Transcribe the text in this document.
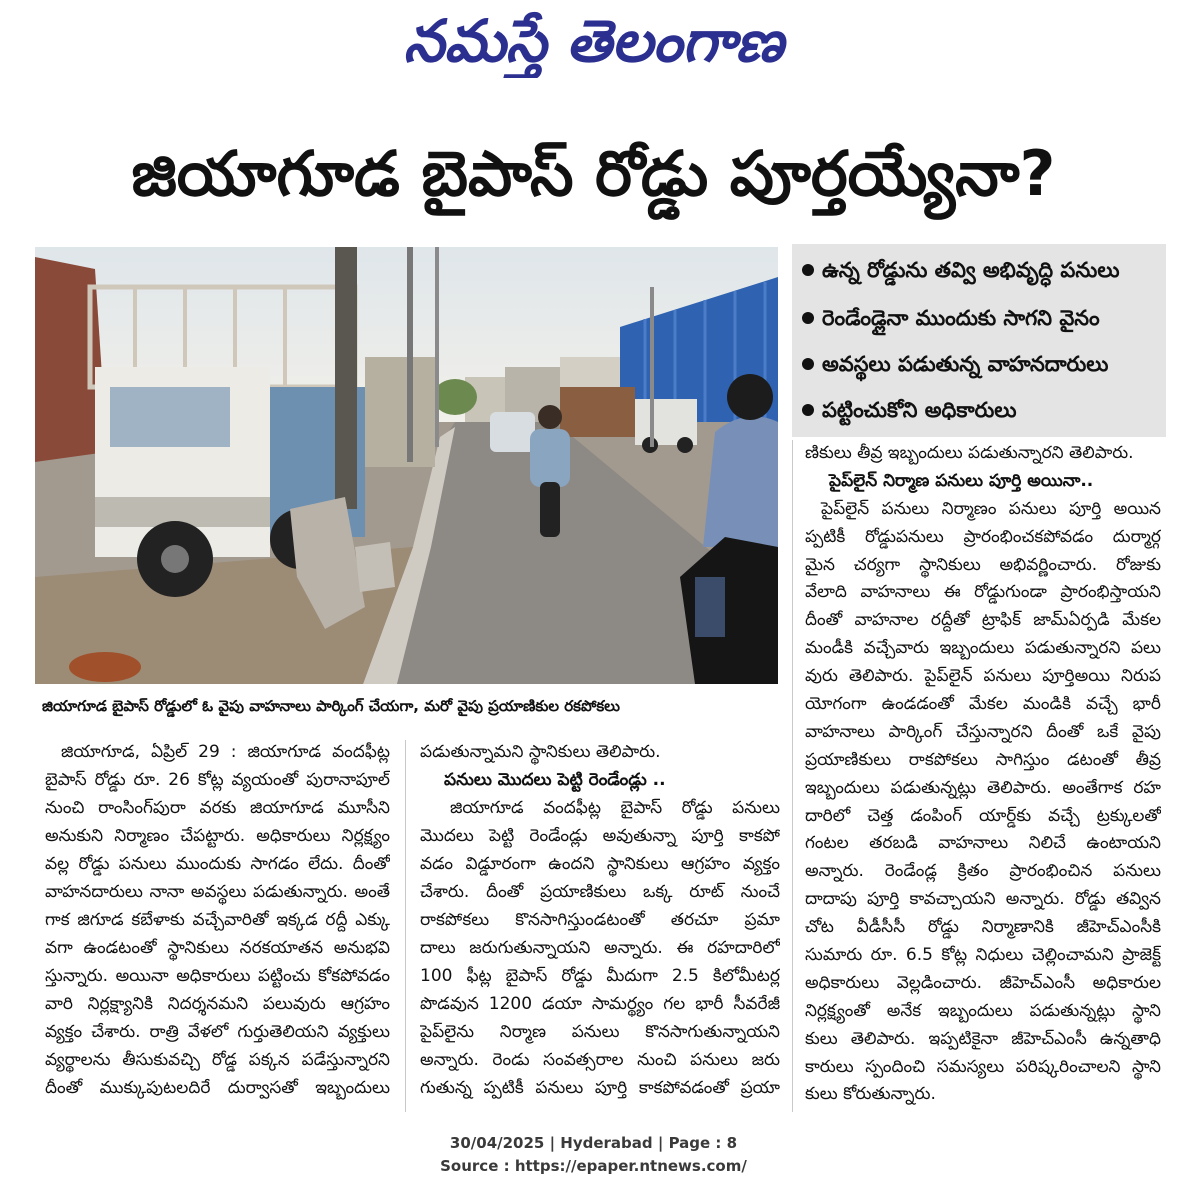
నమస్తే తెలంగాణ
జియాగూడ బైపాస్ రోడ్డు పూర్తయ్యేనా?
ఉన్న రోడ్డును తవ్వి అభివృద్ధి పనులు
రెండేండ్లైనా ముందుకు సాగని వైనం
అవస్థలు పడుతున్న వాహనదారులు
పట్టించుకోని అధికారులు
జియాగూడ బైపాస్ రోడ్డులో ఓ వైపు వాహనాలు పార్కింగ్ చేయగా, మరో వైపు ప్రయాణికుల రకపోకలు
జియాగూడ, ఏప్రిల్ 29 : జియాగూడ వందఫీట్ల
బైపాస్ రోడ్డు రూ. 26 కోట్ల వ్యయంతో పురానాపూల్
నుంచి రాంసింగ్‌పురా వరకు జియాగూడ మూసీని
అనుకుని నిర్మాణం చేపట్టారు. అధికారులు నిర్లక్ష్యం
వల్ల రోడ్డు పనులు ముందుకు సాగడం లేదు. దీంతో
వాహనదారులు నానా అవస్థలు పడుతున్నారు. అంతే
గాక జిగూడ కబేళాకు వచ్చేవారితో ఇక్కడ రద్దీ ఎక్కు
వగా ఉండటంతో స్థానికులు నరకయాతన అనుభవి
స్తున్నారు. అయినా అధికారులు పట్టించు కోకపోవడం
వారి నిర్లక్ష్యానికి నిదర్శనమని పలువురు ఆగ్రహం
వ్యక్తం చేశారు. రాత్రి వేళలో గుర్తుతెలియని వ్యక్తులు
వ్యర్థాలను తీసుకువచ్చి రోడ్డ పక్కన పడేస్తున్నారని
దీంతో ముక్కుపుటలదిరే దుర్వాసతో ఇబ్బందులు
పడుతున్నామని స్థానికులు తెలిపారు.
పనులు మొదలు పెట్టి రెండేండ్లు ..
జియాగూడ వందఫీట్ల బైపాస్ రోడ్డు పనులు
మొదలు పెట్టి రెండేండ్లు అవుతున్నా పూర్తి కాకపో
వడం విడ్డూరంగా ఉందని స్థానికులు ఆగ్రహం వ్యక్తం
చేశారు. దీంతో ప్రయాణికులు ఒక్క రూట్ నుంచే
రాకపోకలు కొనసాగిస్తుండటంతో తరచూ ప్రమా
దాలు జరుగుతున్నాయని అన్నారు. ఈ రహదారిలో
100 ఫీట్ల బైపాస్ రోడ్డు మీదుగా 2.5 కిలోమీటర్ల
పొడవున 1200 డయా సామర్థ్యం గల భారీ సీవరేజీ
పైప్‌లైను నిర్మాణ పనులు కొనసాగుతున్నాయని
అన్నారు. రెండు సంవత్సరాల నుంచి పనులు జరు
గుతున్న ప్పటికీ పనులు పూర్తి కాకపోవడంతో ప్రయా
ణికులు తీవ్ర ఇబ్బందులు పడుతున్నారని తెలిపారు.
పైప్‌లైన్ నిర్మాణ పనులు పూర్తి అయినా..
పైప్‌లైన్ పనులు నిర్మాణం పనులు పూర్తి అయిన
ప్పటికీ రోడ్డుపనులు ప్రారంభించకపోవడం దుర్మార్గ
మైన చర్యగా స్థానికులు అభివర్ణించారు. రోజుకు
వేలాది వాహనాలు ఈ రోడ్డుగుండా ప్రారంభిస్తాయని
దీంతో వాహనాల రద్దీతో ట్రాఫిక్ జామ్ఏర్పడి మేకల
మండీకి వచ్చేవారు ఇబ్బందులు పడుతున్నారని పలు
వురు తెలిపారు. పైప్‌లైన్ పనులు పూర్తిఅయి నిరుప
యోగంగా ఉండడంతో మేకల మండికి వచ్చే భారీ
వాహనాలు పార్కింగ్ చేస్తున్నారని దీంతో ఒకే వైపు
ప్రయాణికులు రాకపోకలు సాగిస్తుం డటంతో తీవ్ర
ఇబ్బందులు పడుతున్నట్లు తెలిపారు. అంతేగాక రహ
దారిలో చెత్త డంపింగ్ యార్డ్‌కు వచ్చే ట్రక్కులతో
గంటల తరబడి వాహనాలు నిలిచే ఉంటాయని
అన్నారు. రెండేండ్ల క్రితం ప్రారంభించిన పనులు
దాదాపు పూర్తి కావచ్చాయని అన్నారు. రోడ్డు తవ్విన
చోట వీడీసీసీ రోడ్డు నిర్మాణానికి జీహెచ్ఎంసీకి
సుమారు రూ. 6.5 కోట్ల నిధులు చెల్లించామని ప్రాజెక్ట్
అధికారులు వెల్లడించారు. జీహెచ్ఎంసీ అధికారుల
నిర్లక్ష్యంతో అనేక ఇబ్బందులు పడుతున్నట్లు స్థాని
కులు తెలిపారు. ఇప్పటికైనా జీహెచ్ఎంసీ ఉన్నతాధి
కారులు స్పందించి సమస్యలు పరిష్కరించాలని స్థాని
కులు కోరుతున్నారు.
30/04/2025 | Hyderabad | Page : 8
Source : https://epaper.ntnews.com/
